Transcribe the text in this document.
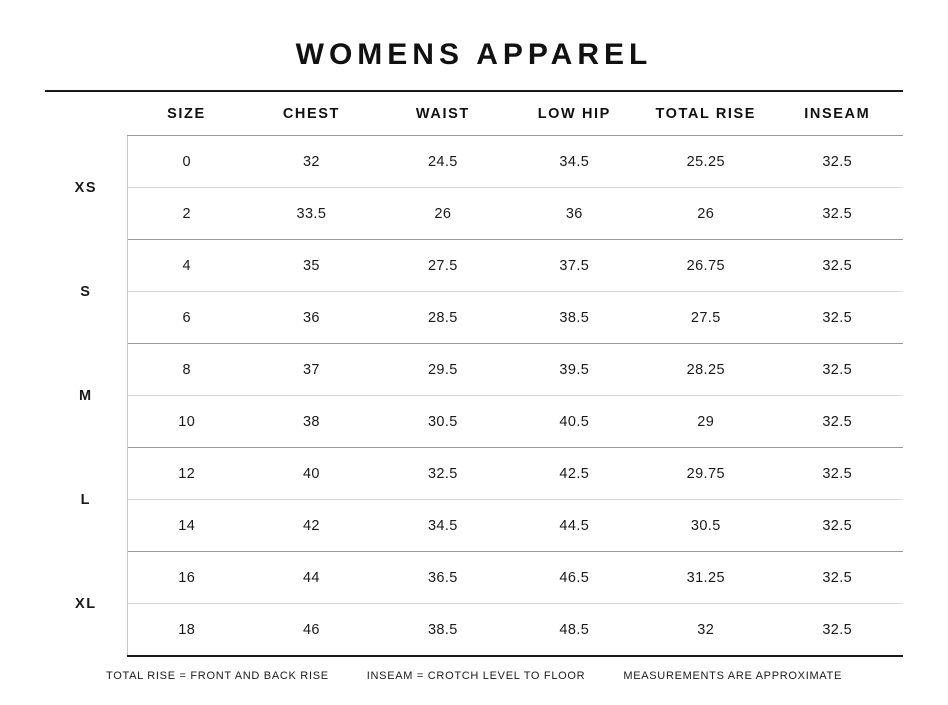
WOMENS APPAREL

	SIZE	CHEST	WAIST	LOW HIP	TOTAL RISE	INSEAM
XS	0	32	24.5	34.5	25.25	32.5
	2	33.5	26	36	26	32.5
S	4	35	27.5	37.5	26.75	32.5
	6	36	28.5	38.5	27.5	32.5
M	8	37	29.5	39.5	28.25	32.5
	10	38	30.5	40.5	29	32.5
L	12	40	32.5	42.5	29.75	32.5
	14	42	34.5	44.5	30.5	32.5
XL	16	44	36.5	46.5	31.25	32.5
	18	46	38.5	48.5	32	32.5
TOTAL RISE = FRONT AND BACK RISE	INSEAM = CROTCH LEVEL TO FLOOR	MEASUREMENTS ARE APPROXIMATE
